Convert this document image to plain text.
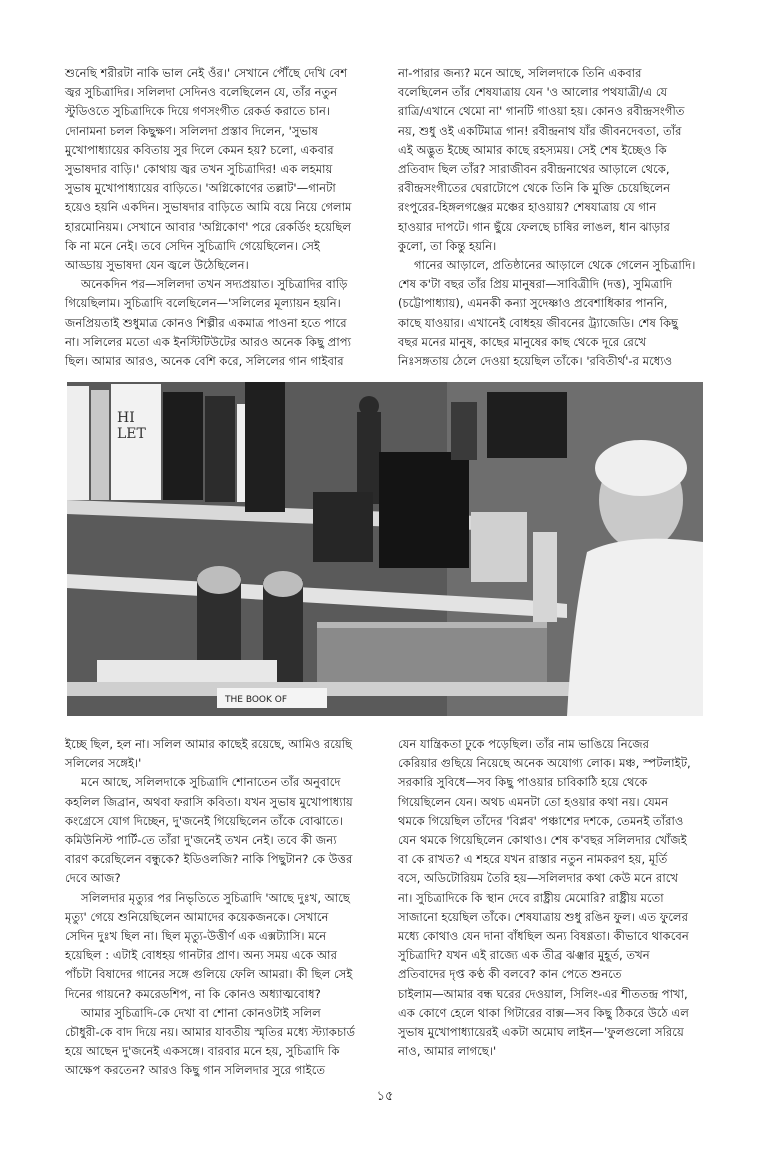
শুনেছি শরীরটা নাকি ভাল নেই ওঁর।' সেখানে পৌঁছে দেখি বেশ
জ্বর সুচিত্রাদির। সলিলদা সেদিনও বলেছিলেন যে, তাঁর নতুন
স্টুডিওতে সুচিত্রাদিকে দিয়ে গণসংগীত রেকর্ড করাতে চান।
দোনামনা চলল কিছুক্ষণ। সলিলদা প্রস্তাব দিলেন, 'সুভাষ
মুখোপাধ্যায়ের কবিতায় সুর দিলে কেমন হয়? চলো, একবার
সুভাষদার বাড়ি।' কোথায় জ্বর তখন সুচিত্রাদির! এক লহমায়
সুভাষ মুখোপাধ্যায়ের বাড়িতে। 'অগ্নিকোণের তল্লাট'—গানটা
হয়েও হয়নি একদিন। সুভাষদার বাড়িতে আমি বয়ে নিয়ে গেলাম
হারমোনিয়ম। সেখানে আবার 'অগ্নিকোণ' পরে রেকর্ডিং হয়েছিল
কি না মনে নেই। তবে সেদিন সুচিত্রাদি গেয়েছিলেন। সেই
আড্ডায় সুভাষদা যেন জ্বলে উঠেছিলেন।

অনেকদিন পর—সলিলদা তখন সদ্যপ্রয়াত। সুচিত্রাদির বাড়ি
গিয়েছিলাম। সুচিত্রাদি বলেছিলেন—'সলিলের মূল্যায়ন হয়নি।
জনপ্রিয়তাই শুধুমাত্র কোনও শিল্পীর একমাত্র পাওনা হতে পারে
না। সলিলের মতো এক ইনস্টিটিউটের আরও অনেক কিছু প্রাপ্য
ছিল। আমার আরও, অনেক বেশি করে, সলিলের গান গাইবার

না-পারার জন্য? মনে আছে, সলিলদাকে তিনি একবার
বলেছিলেন তাঁর শেষযাত্রায় যেন 'ও আলোর পথযাত্রী/এ যে
রাত্রি/এখানে থেমো না' গানটি গাওয়া হয়। কোনও রবীন্দ্রসংগীত
নয়, শুধু ওই একটিমাত্র গান! রবীন্দ্রনাথ যাঁর জীবনদেবতা, তাঁর
এই অদ্ভুত ইচ্ছে আমার কাছে রহস্যময়। সেই শেষ ইচ্ছেও কি
প্রতিবাদ ছিল তাঁর? সারাজীবন রবীন্দ্রনাথের আড়ালে থেকে,
রবীন্দ্রসংগীতের ঘেরাটোপে থেকে তিনি কি মুক্তি চেয়েছিলেন
রংপুরের-হিঙ্গলগঞ্জের মঞ্চের হাওয়ায়? শেষযাত্রায় যে গান
হাওয়ার দাপটে। গান ছুঁয়ে ফেলছে চাষির লাঙল, ধান ঝাড়ার
কুলো, তা কিন্তু হয়নি।

গানের আড়ালে, প্রতিষ্ঠানের আড়ালে থেকে গেলেন সুচিত্রাদি।
শেষ ক'টা বছর তাঁর প্রিয় মানুষরা—সাবিত্রীদি (দত্ত), সুমিত্রাদি
(চট্টোপাধ্যায়), এমনকী কন্যা সুদেষ্ণাও প্রবেশাধিকার পাননি,
কাছে যাওয়ার। এখানেই বোধহয় জীবনের ট্র্যাজেডি। শেষ কিছু
বছর মনের মানুষ, কাছের মানুষের কাছ থেকে দূরে রেখে
নিঃসঙ্গতায় ঠেলে দেওয়া হয়েছিল তাঁকে। 'রবিতীর্থ'-র মধ্যেও

HI LET
THE BOOK OF

ইচ্ছে ছিল, হল না। সলিল আমার কাছেই রয়েছে, আমিও রয়েছি
সলিলের সঙ্গেই।'

মনে আছে, সলিলদাকে সুচিত্রাদি শোনাতেন তাঁর অনুবাদে
কহলিল জিব্রান, অথবা ফরাসি কবিতা। যখন সুভাষ মুখোপাধ্যায়
কংগ্রেসে যোগ দিচ্ছেন, দু'জনেই গিয়েছিলেন তাঁকে বোঝাতে।
কমিউনিস্ট পার্টি-তে তাঁরা দু'জনেই তখন নেই। তবে কী জন্য
বারণ করেছিলেন বন্ধুকে? ইডিওলজি? নাকি পিছুটান? কে উত্তর
দেবে আজ?

সলিলদার মৃত্যুর পর নিভৃতিতে সুচিত্রাদি 'আছে দুঃখ, আছে
মৃত্যু' গেয়ে শুনিয়েছিলেন আমাদের কয়েকজনকে। সেখানে
সেদিন দুঃখ ছিল না। ছিল মৃত্যু-উত্তীর্ণ এক এক্সট্যাসি। মনে
হয়েছিল : এটাই বোধহয় গানটার প্রাণ। অন্য সময় একে আর
পাঁচটা বিষাদের গানের সঙ্গে গুলিয়ে ফেলি আমরা। কী ছিল সেই
দিনের গায়নে? কমরেডশিপ, না কি কোনও অধ্যাত্মবোধ?

আমার সুচিত্রাদি-কে দেখা বা শোনা কোনওটাই সলিল
চৌধুরী-কে বাদ দিয়ে নয়। আমার যাবতীয় স্মৃতির মধ্যে স্ট্যাকচার্ড
হয়ে আছেন দু'জনেই একসঙ্গে। বারবার মনে হয়, সুচিত্রাদি কি
আক্ষেপ করতেন? আরও কিছু গান সলিলদার সুরে গাইতে

যেন যান্ত্রিকতা ঢুকে পড়েছিল। তাঁর নাম ভাঙিয়ে নিজের
কেরিয়ার গুছিয়ে নিয়েছে অনেক অযোগ্য লোক। মঞ্চ, স্পটলাইট,
সরকারি সুবিধে—সব কিছু পাওয়ার চাবিকাঠি হয়ে থেকে
গিয়েছিলেন যেন। অথচ এমনটা তো হওয়ার কথা নয়। যেমন
থমকে গিয়েছিল তাঁদের 'বিপ্লব' পঞ্চাশের দশকে, তেমনই তাঁরাও
যেন থমকে গিয়েছিলেন কোথাও। শেষ ক'বছর সলিলদার খোঁজই
বা কে রাখত? এ শহরে যখন রাস্তার নতুন নামকরণ হয়, মূর্তি
বসে, অডিটোরিয়ম তৈরি হয়—সলিলদার কথা কেউ মনে রাখে
না। সুচিত্রাদিকে কি স্থান দেবে রাষ্ট্রীয় মেমোরি? রাষ্ট্রীয় মতো
সাজানো হয়েছিল তাঁকে। শেষযাত্রায় শুধু রঙিন ফুল। এত ফুলের
মধ্যে কোথাও যেন দানা বাঁধছিল অন্য বিষণ্ণতা। কীভাবে থাকবেন
সুচিত্রাদি? যখন এই রাজ্যে এক তীব্র ঝঞ্ঝার মুহূর্ত, তখন
প্রতিবাদের দৃপ্ত কণ্ঠ কী বলবে? কান পেতে শুনতে
চাইলাম—আমার বন্ধ ঘরের দেওয়াল, সিলিং-এর শীততন্দ্র পাখা,
এক কোণে হেলে থাকা গিটারের বাক্স—সব কিছু ঠিকরে উঠে এল
সুভাষ মুখোপাধ্যায়েরই একটা অমোঘ লাইন—'ফুলগুলো সরিয়ে
নাও, আমার লাগছে।'

১৫
